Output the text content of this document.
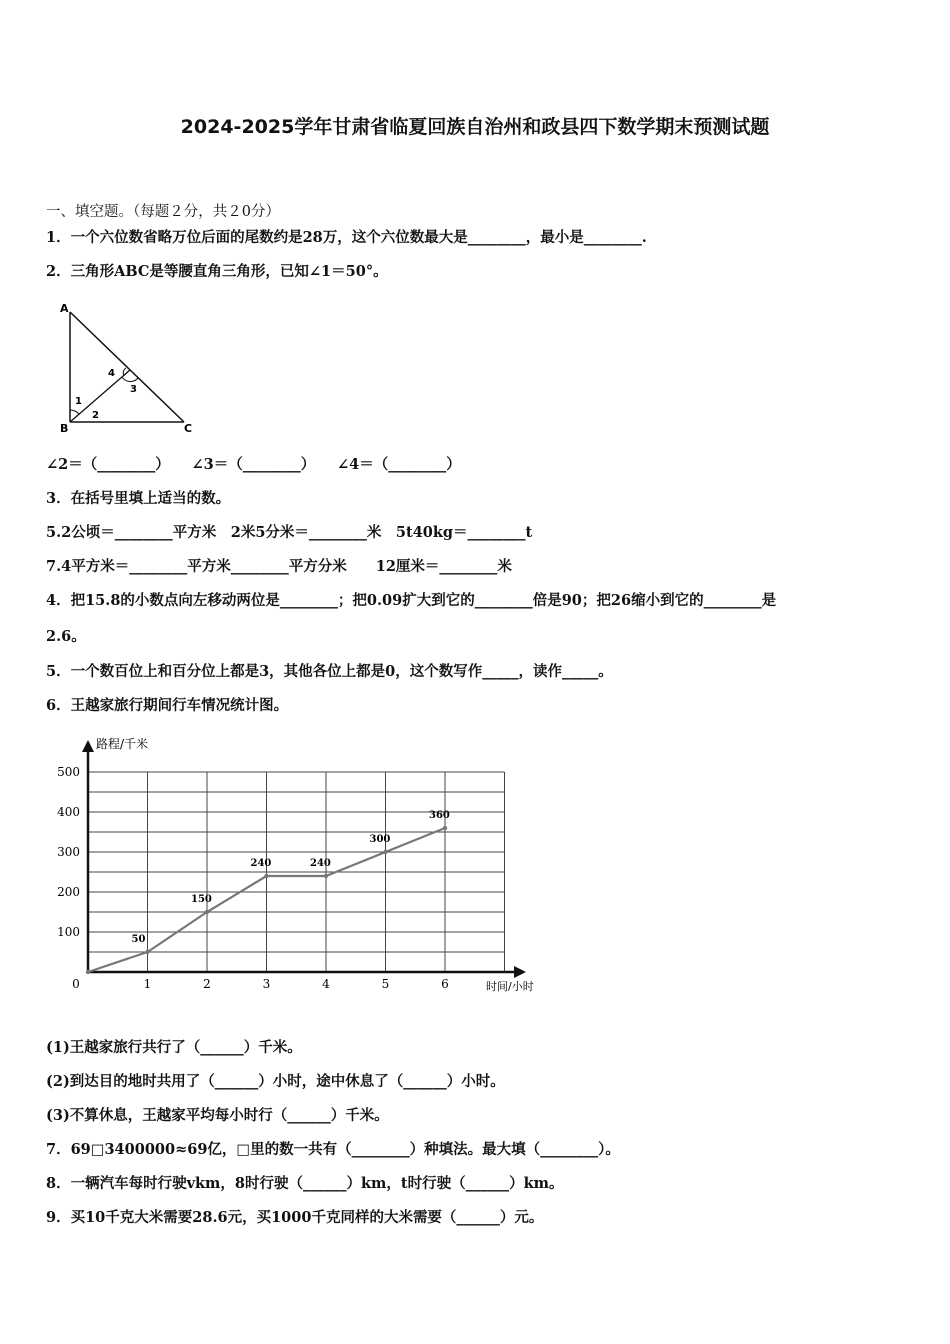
2024-2025学年甘肃省临夏回族自治州和政县四下数学期末预测试题
一、填空题。（每题２分，共２0分）
1．一个六位数省略万位后面的尾数约是28万，这个六位数最大是________，最小是________.
2．三角形ABC是等腰直角三角形，已知∠1＝50°。
A
B	C
1
2
3
4
∠2＝（________）　　∠3＝（________）　　∠4＝（________）
3．在括号里填上适当的数。
5.2公顷＝________平方米　2米5分米＝________米　5t40kg＝________t
7.4平方米＝________平方米________平方分米　　12厘米＝________米
4．把15.8的小数点向左移动两位是________；把0.09扩大到它的________倍是90；把26缩小到它的________是
2.6。
5．一个数百位上和百分位上都是3，其他各位上都是0，这个数写作_____，读作_____。
6．王越家旅行期间行车情况统计图。
路程/千米
时间/小时
100
200
300
400
500
0	1	2	3	4	5	6
50
150
240	240
300
360
(1)王越家旅行共行了（______）千米。
(2)到达目的地时共用了（______）小时，途中休息了（______）小时。
(3)不算休息，王越家平均每小时行（______）千米。
7．69□3400000≈69亿，□里的数一共有（________）种填法。最大填（________）。
8．一辆汽车每时行驶vkm，8时行驶（______）km，t时行驶（______）km。
9．买10千克大米需要28.6元，买1000千克同样的大米需要（______）元。
